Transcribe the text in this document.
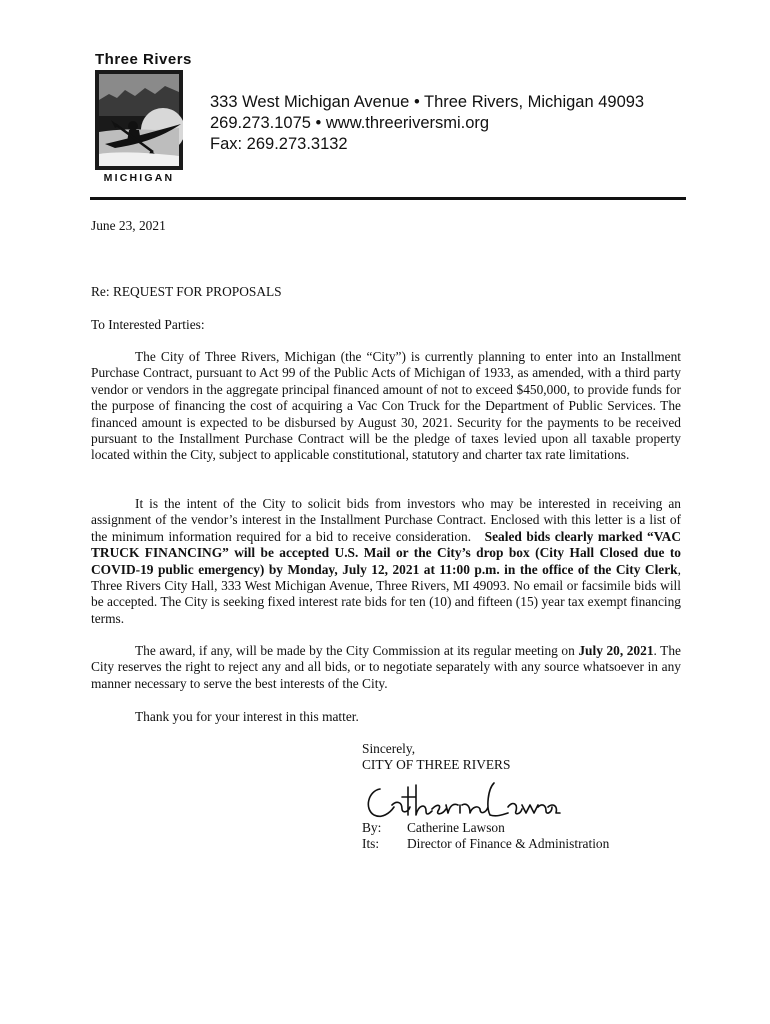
Three Rivers
MICHIGAN
333 West Michigan Avenue • Three Rivers, Michigan 49093
269.273.1075 • www.threeriversmi.org
Fax: 269.273.3132
June 23, 2021
Re: REQUEST FOR PROPOSALS
To Interested Parties:
The City of Three Rivers, Michigan (the “City”) is currently planning to enter into an Installment Purchase Contract, pursuant to Act 99 of the Public Acts of Michigan of 1933, as amended, with a third party vendor or vendors in the aggregate principal financed amount of not to exceed $450,000, to provide funds for the purpose of financing the cost of acquiring a Vac Con Truck for the Department of Public Services. The financed amount is expected to be disbursed by August 30, 2021. Security for the payments to be received pursuant to the Installment Purchase Contract will be the pledge of taxes levied upon all taxable property located within the City, subject to applicable constitutional, statutory and charter tax rate limitations.
It is the intent of the City to solicit bids from investors who may be interested in receiving an assignment of the vendor’s interest in the Installment Purchase Contract. Enclosed with this letter is a list of the minimum information required for a bid to receive consideration. Sealed bids clearly marked “VAC TRUCK FINANCING” will be accepted U.S. Mail or the City’s drop box (City Hall Closed due to COVID-19 public emergency) by Monday, July 12, 2021 at 11:00 p.m. in the office of the City Clerk, Three Rivers City Hall, 333 West Michigan Avenue, Three Rivers, MI 49093. No email or facsimile bids will be accepted. The City is seeking fixed interest rate bids for ten (10) and fifteen (15) year tax exempt financing terms.
The award, if any, will be made by the City Commission at its regular meeting on July 20, 2021. The City reserves the right to reject any and all bids, or to negotiate separately with any source whatsoever in any manner necessary to serve the best interests of the City.
Thank you for your interest in this matter.
Sincerely,
CITY OF THREE RIVERS
By: Catherine Lawson
Its: Director of Finance & Administration
